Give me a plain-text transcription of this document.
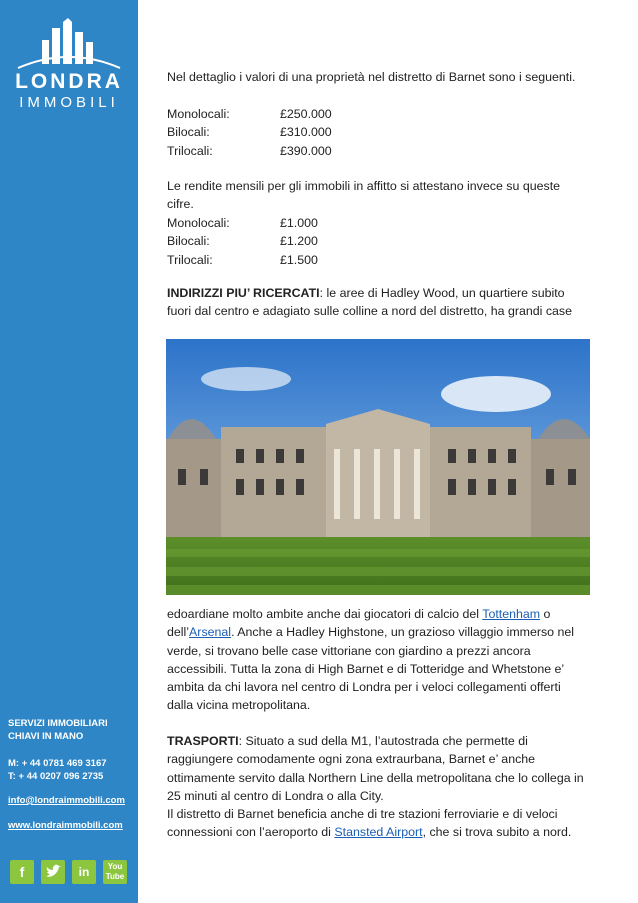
LONDRA
IMMOBILI
SERVIZI IMMOBILIARI
CHIAVI IN MANO
M: + 44 0781 469 3167
T: + 44 0207 096 2735
info@londraimmobili.com
www.londraimmobili.com
f	in	You
Tube
Nel dettaglio i valori di una proprietà nel distretto di Barnet sono i seguenti.
Monolocali:	£250.000
Bilocali:	£310.000
Trilocali:	£390.000
Le rendite mensili per gli immobili in affitto si attestano invece su queste cifre.
Monolocali:	£1.000
Bilocali:	£1.200
Trilocali:	£1.500
INDIRIZZI PIU’ RICERCATI: le aree di Hadley Wood, un quartiere subito fuori dal centro e adagiato sulle colline a nord del distretto, ha grandi case
edoardiane molto ambite anche dai giocatori di calcio del Tottenham o dell’Arsenal. Anche a Hadley Highstone, un grazioso villaggio immerso nel verde, si trovano belle case vittoriane con giardino a prezzi ancora accessibili. Tutta la zona di High Barnet e di Totteridge and Whetstone e’ ambita da chi lavora nel centro di Londra per i veloci collegamenti offerti dalla vicina metropolitana.
TRASPORTI: Situato a sud della M1, l’autostrada che permette di raggiungere comodamente ogni zona extraurbana, Barnet e’ anche ottimamente servito dalla Northern Line della metropolitana che lo collega in 25 minuti al centro di Londra o alla City.
Il distretto di Barnet beneficia anche di tre stazioni ferroviarie e di veloci connessioni con l’aeroporto di Stansted Airport, che si trova subito a nord.
